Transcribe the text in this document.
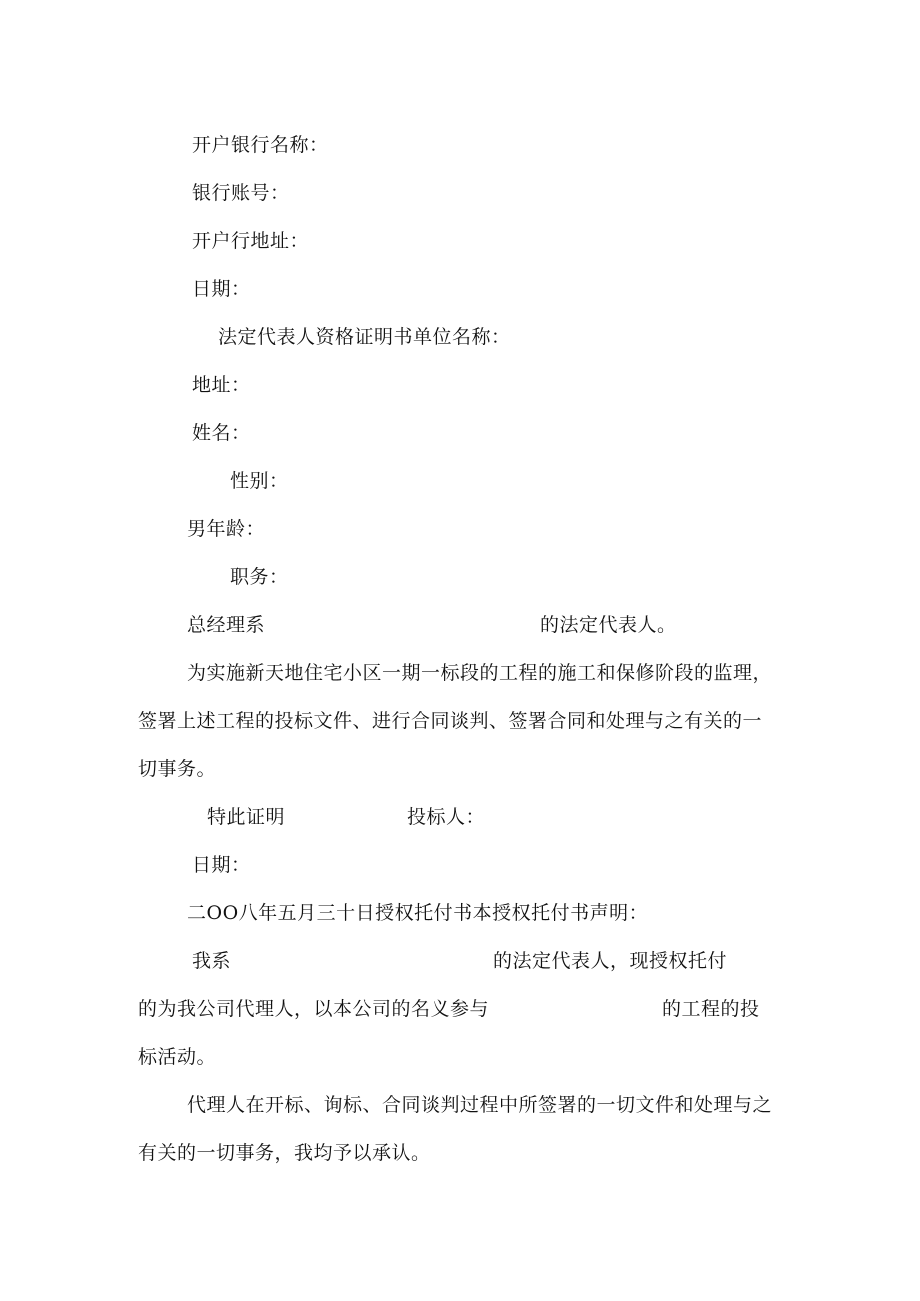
开户银行名称：
银行账号：
开户行地址：
日期：
法定代表人资格证明书单位名称：
地址：
姓名：
性别：
男年龄：
职务：
总经理系	的法定代表人。
为实施新天地住宅小区一期一标段的工程的施工和保修阶段的监理，
签署上述工程的投标文件、进行合同谈判、签署合同和处理与之有关的一
切事务。
特此证明	投标人：
日期：
二OO八年五月三十日授权托付书本授权托付书声明：
我系	的法定代表人，现授权托付
的为我公司代理人，以本公司的名义参与	的工程的投
标活动。
代理人在开标、询标、合同谈判过程中所签署的一切文件和处理与之
有关的一切事务，我均予以承认。
